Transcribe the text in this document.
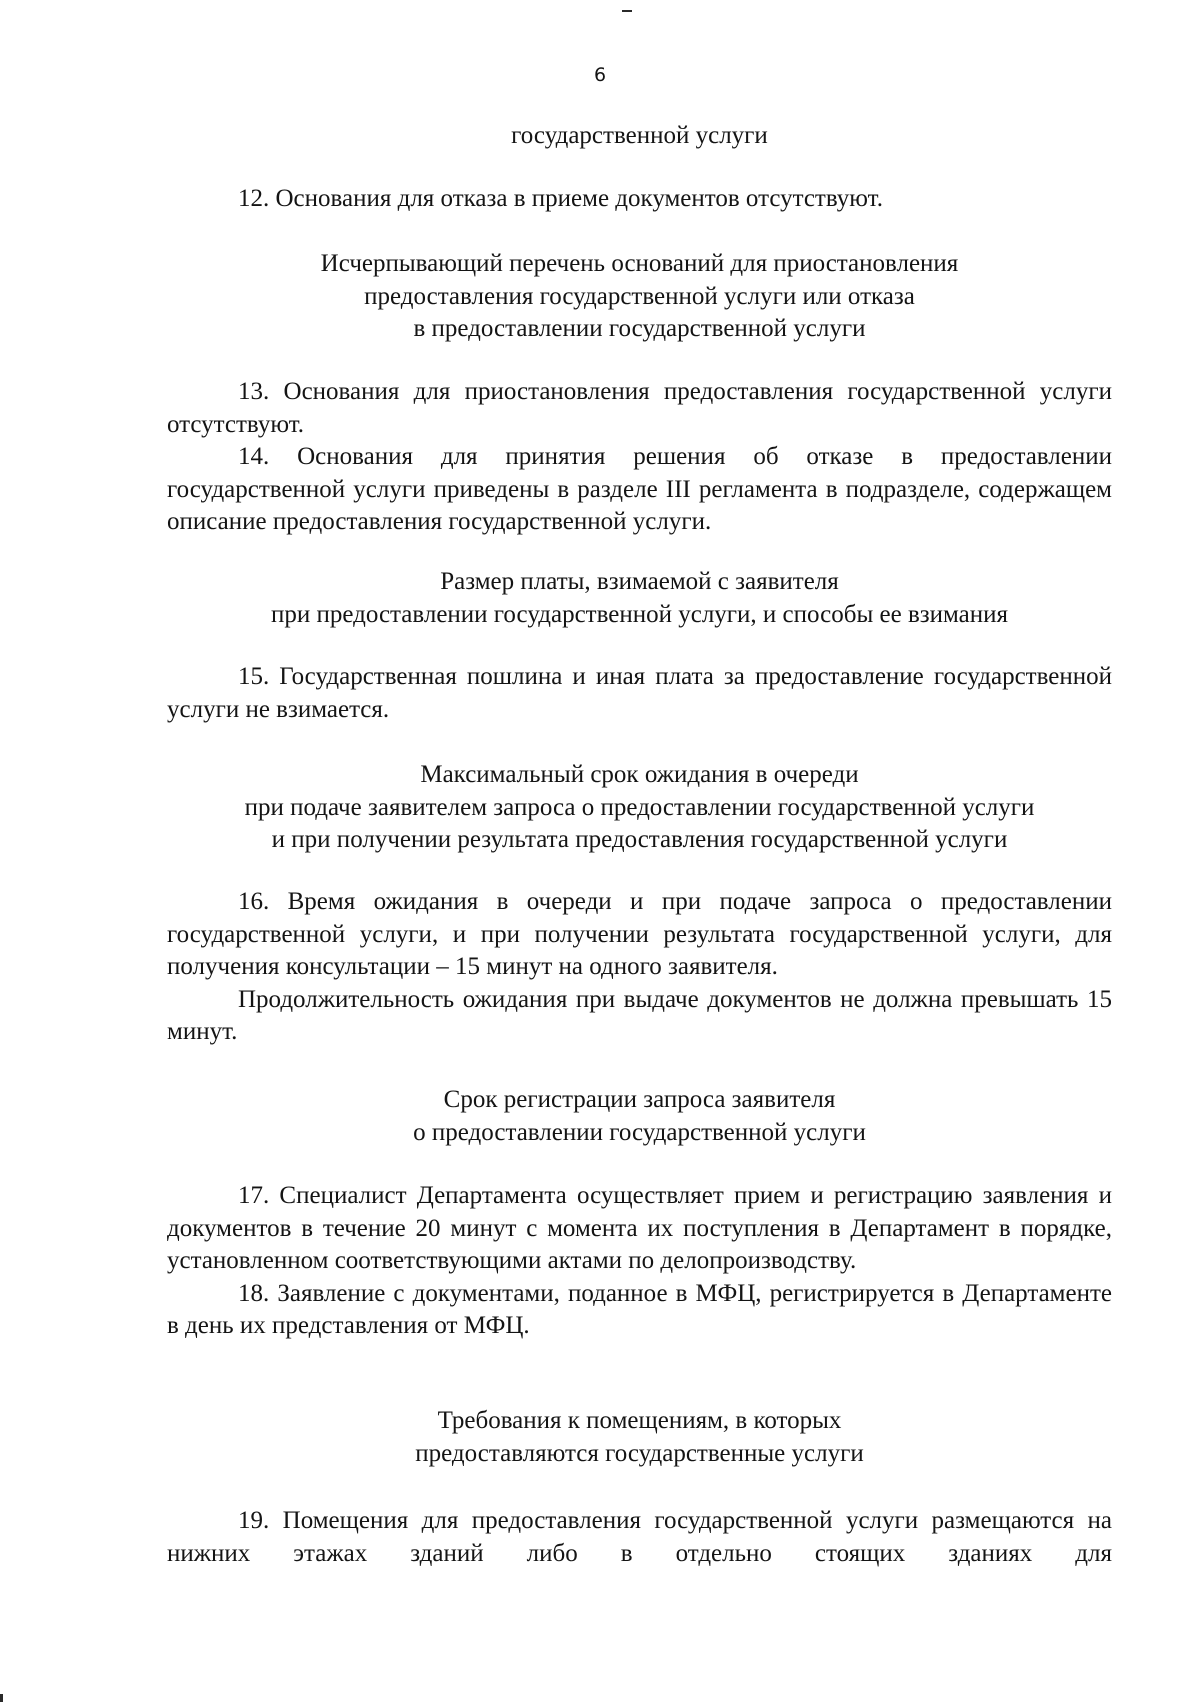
6
государственной услуги

12. Основания для отказа в приеме документов отсутствуют.

Исчерпывающий перечень оснований для приостановления
предоставления государственной услуги или отказа
в предоставлении государственной услуги

13. Основания для приостановления предоставления государственной услуги отсутствуют.

14. Основания для принятия решения об отказе в предоставлении государственной услуги приведены в разделе III регламента в подразделе, содержащем описание предоставления государственной услуги.

Размер платы, взимаемой с заявителя
при предоставлении государственной услуги, и способы ее взимания

15. Государственная пошлина и иная плата за предоставление государственной услуги не взимается.

Максимальный срок ожидания в очереди
при подаче заявителем запроса о предоставлении государственной услуги
и при получении результата предоставления государственной услуги

16. Время ожидания в очереди и при подаче запроса о предоставлении государственной услуги, и при получении результата государственной услуги, для получения консультации – 15 минут на одного заявителя.

Продолжительность ожидания при выдаче документов не должна превышать 15 минут.

Срок регистрации запроса заявителя
о предоставлении государственной услуги

17. Специалист Департамента осуществляет прием и регистрацию заявления и документов в течение 20 минут с момента их поступления в Департамент в порядке, установленном соответствующими актами по делопроизводству.

18. Заявление с документами, поданное в МФЦ, регистрируется в Департаменте в день их представления от МФЦ.

Требования к помещениям, в которых
предоставляются государственные услуги

19. Помещения для предоставления государственной услуги размещаются на нижних этажах зданий либо в отдельно стоящих зданиях для
